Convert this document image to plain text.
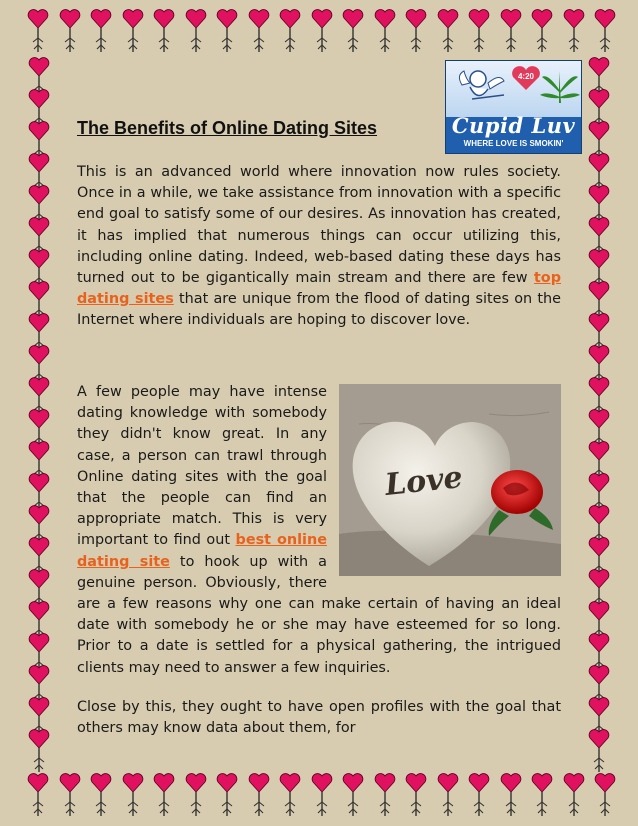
4:20
Cupid Luv
WHERE LOVE IS SMOKIN'
The Benefits of Online Dating Sites

This is an advanced world where innovation now rules society. Once in a while, we take assistance from innovation with a specific end goal to satisfy some of our desires. As innovation has created, it has implied that numerous things can occur utilizing this, including online dating. Indeed, web-based dating these days has turned out to be gigantically main stream and there are few top dating sites that are unique from the flood of dating sites on the Internet where individuals are hoping to discover love.

Love

A few people may have intense dating knowledge with somebody they didn't know great. In any case, a person can trawl through Online dating sites with the goal that the people can find an appropriate match. This is very important to find out best online dating site to hook up with a genuine person. Obviously, there are a few reasons why one can make certain of having an ideal date with somebody he or she may have esteemed for so long. Prior to a date is settled for a physical gathering, the intrigued clients may need to answer a few inquiries.

Close by this, they ought to have open profiles with the goal that others may know data about them, for
